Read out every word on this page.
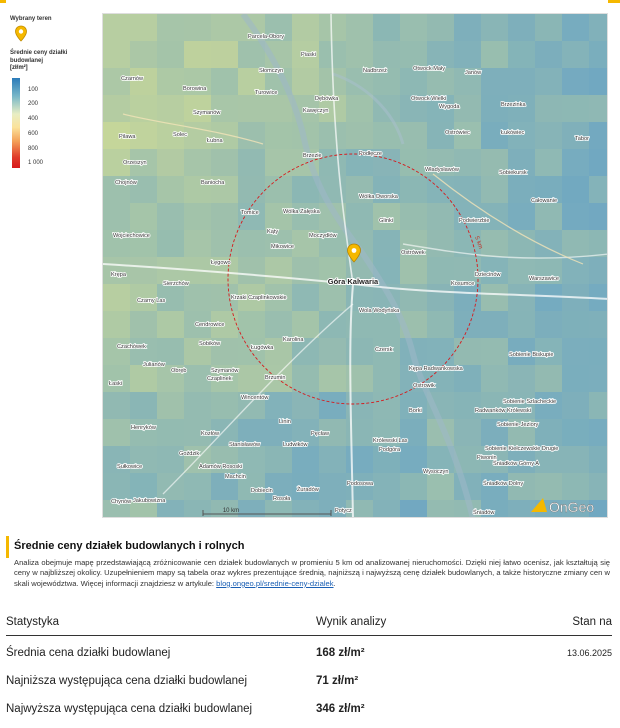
Wybrany teren
Średnie ceny działki budowlanej
[zł/m²]
100
200
400
600
800
1 000
Parcela-Obory
Słomczyn
Piaski
Nadbrzeż	Otwock Mały
Janów
Czarnów
Borowina
Turowice
Dębówka	Otwock Wielki
Wygoda	Brzezinka
Szymanów	Kawęczyn
Pilawa	Solec
Łubna
Ostrówiec	Łukówiec
Tabor
Brzezie	Podłęcze
Orzeszyn
Władysławów	Sobiekursk
Chojnów	Baniocha
Wólka Dworska
Tomice	Wólka Załęska
Glinki	Podwierzbie
Całowanie
Wojciechowice
Kąty
Moczydłów
Mikowice
Ostrówek
Łęgowo
Dziecinów
Krępa
Sierzchów	Kosumce
Warszawice
Czarny Las	Krzaki Czaplinkowskie
Wola Wodyńska
Cendrowice
Karolina
Sobików
Ługówka
Czachówek	Czersk
Sobienie Biskupie
Julianów
Obręb	Szymanów	Kępa Radwankowska
Łaski
Czaplinek	Brzumin
Ostrowik
Wincentów
Sobienie Szlacheckie
Borki	Radwanków Królewski
Sobienie-Jeziory
Henryków
Linin
Kozłów	Pęcław
Sobienie Kiełczewskie Drugie
Królewski Las
Stanisławów	Ludwików
Podgóra
Piwonin
Goździk
Śniadków Górny A
Sułkowice	Adamów Rososki
Wysoczyn
Machcin
Podosowa	Śniadków Dolny
Chynów Jakubowizna
Dobiecin
Rosoła
Żuradów
Potycz	Śniadów
5 km
Góra Kalwaria
10 km	OnGeo
Średnie ceny działek budowlanych i rolnych
Analiza obejmuje mapę przedstawiającą zróżnicowanie cen działek budowlanych w promieniu 5 km od analizowanej nieruchomości. Dzięki niej łatwo ocenisz, jak kształtują się ceny w najbliższej okolicy. Uzupełnieniem mapy są tabela oraz wykres prezentujące średnią, najniższą i najwyższą cenę działek budowlanych, a także historyczne zmiany cen w skali województwa. Więcej informacji znajdziesz w artykule: blog.ongeo.pl/srednie-ceny-dzialek.
Statystyka	Wynik analizy	Stan na
Średnia cena działki budowlanej	168 zł/m²	13.06.2025
Najniższa występująca cena działki budowlanej	71 zł/m²
Najwyższa występująca cena działki budowlanej	346 zł/m²
